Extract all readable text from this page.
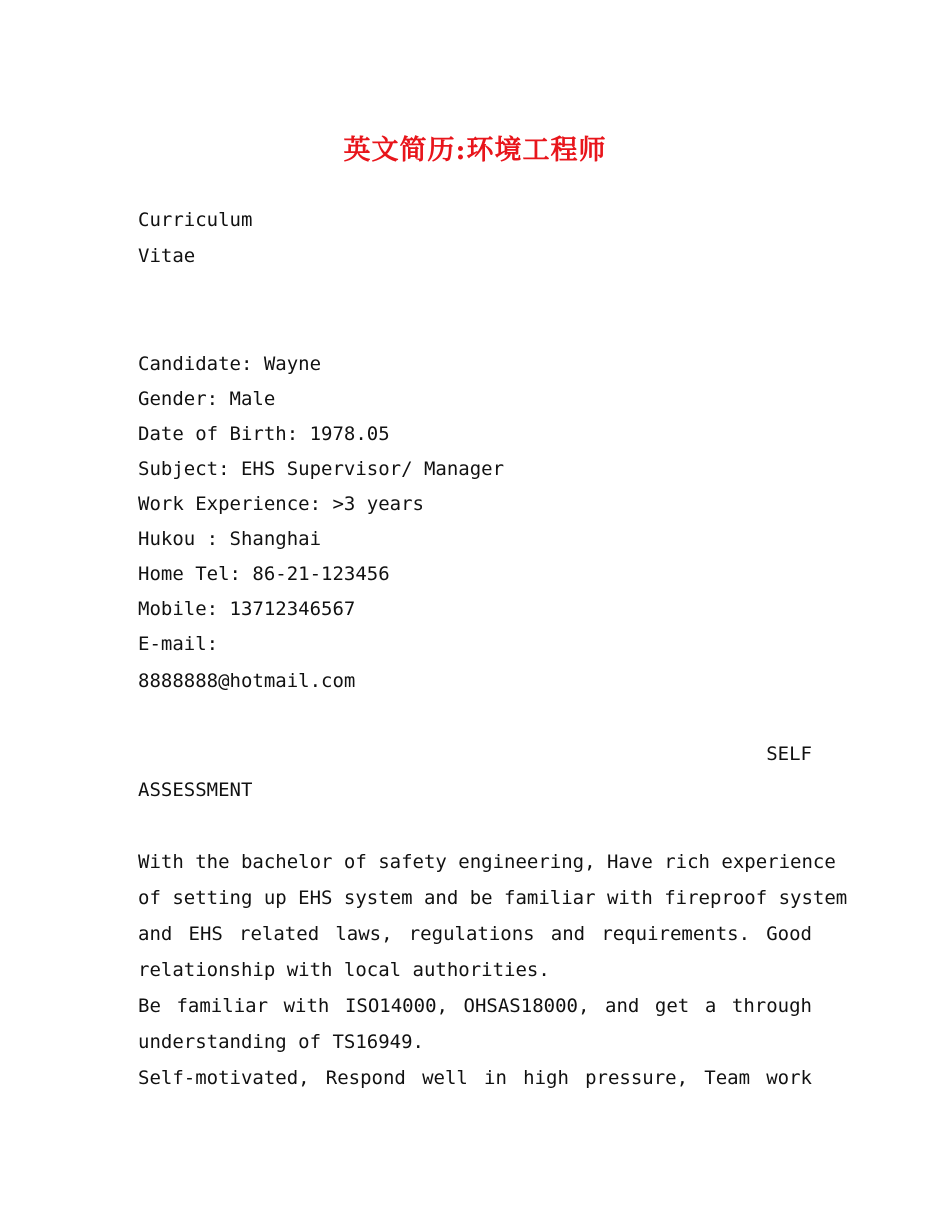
英文简历:环境工程师
Curriculum
Vitae
Candidate: Wayne
Gender: Male
Date of Birth: 1978.05
Subject: EHS Supervisor/ Manager
Work Experience: >3 years
Hukou : Shanghai
Home Tel: 86-21-123456
Mobile: 13712346567
E-mail:
8888888@hotmail.com
SELF
ASSESSMENT
With the bachelor of safety engineering, Have rich experience
of setting up EHS system and be familiar with fireproof system
and EHS related laws, regulations and requirements. Good
relationship with local authorities.
Be familiar with ISO14000, OHSAS18000, and get a through
understanding of TS16949.
Self-motivated, Respond well in high pressure, Team work
